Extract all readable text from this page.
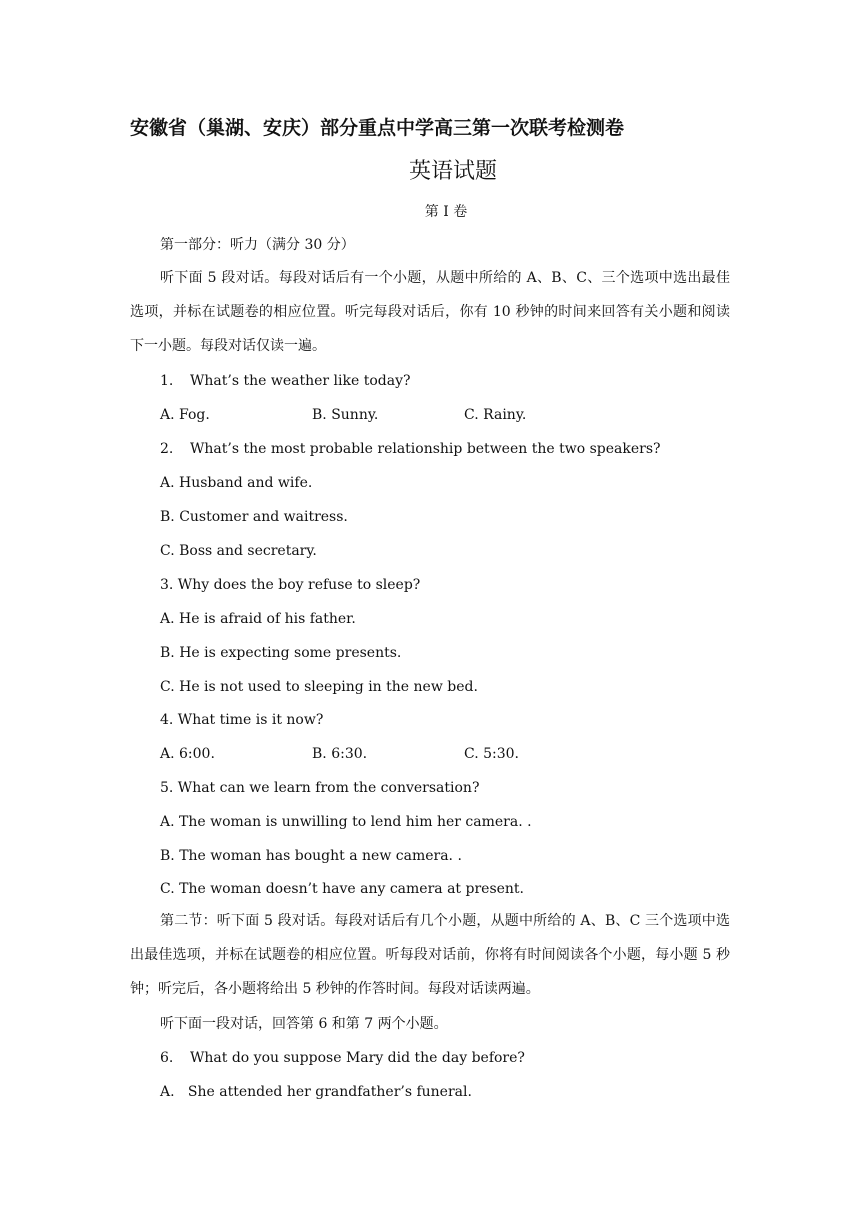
安徽省（巢湖、安庆）部分重点中学高三第一次联考检测卷
英语试题
第 I 卷
第一部分：听力（满分 30 分）
听下面 5 段对话。每段对话后有一个小题，从题中所给的 A、B、C、三个选项中选出最佳选项，并标在试题卷的相应位置。听完每段对话后，你有 10 秒钟的时间来回答有关小题和阅读下一小题。每段对话仅读一遍。
1. What’s the weather like today?
A. Fog.	B. Sunny.	C. Rainy.
2. What’s the most probable relationship between the two speakers?
A. Husband and wife.
B. Customer and waitress.
C. Boss and secretary.
3. Why does the boy refuse to sleep?
A. He is afraid of his father.
B. He is expecting some presents.
C. He is not used to sleeping in the new bed.
4. What time is it now?
A. 6:00.	B. 6:30.	C. 5:30.
5. What can we learn from the conversation?
A. The woman is unwilling to lend him her camera. .
B. The woman has bought a new camera. .
C. The woman doesn’t have any camera at present.
第二节：听下面 5 段对话。每段对话后有几个小题，从题中所给的 A、B、C 三个选项中选出最佳选项，并标在试题卷的相应位置。听每段对话前，你将有时间阅读各个小题，每小题 5 秒钟；听完后，各小题将给出 5 秒钟的作答时间。每段对话读两遍。
听下面一段对话，回答第 6 和第 7 两个小题。
6. What do you suppose Mary did the day before?
A.   She attended her grandfather’s funeral.
